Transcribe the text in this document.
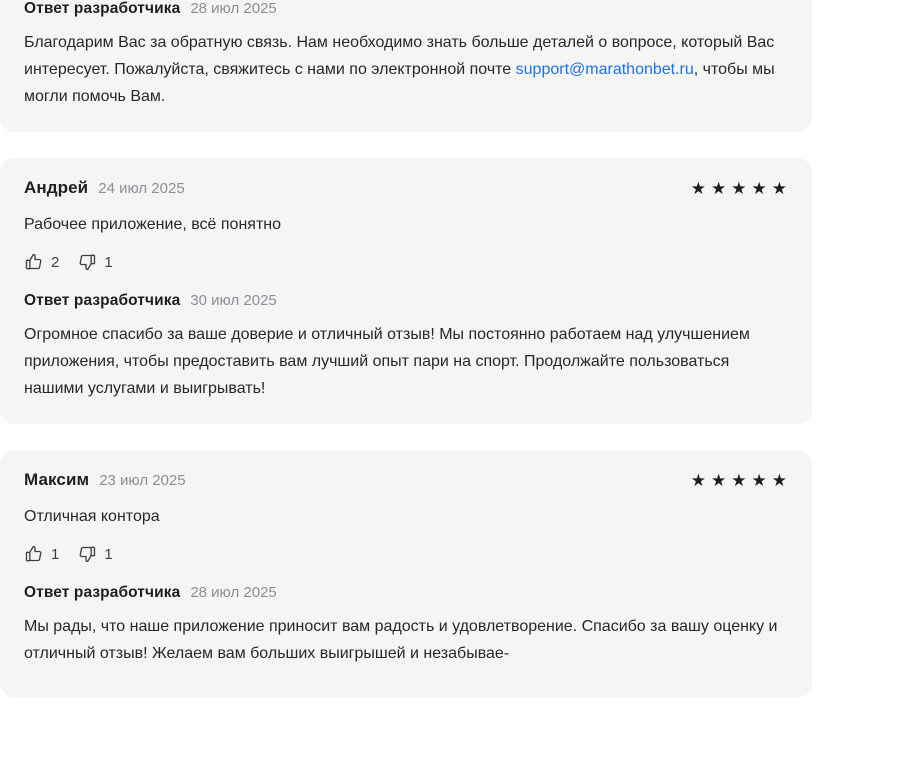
Ответ разработчика 28 июл 2025

Благодарим Вас за обратную связь. Нам необходимо знать больше деталей о вопросе, который Вас интересует. Пожалуйста, свяжитесь с нами по электронной почте support@marathonbet.ru, чтобы мы могли помочь Вам.

Андрей 24 июл 2025	★ ★ ★ ★ ★

Рабочее приложение, всё понятно

2	1
Ответ разработчика 30 июл 2025

Огромное спасибо за ваше доверие и отличный отзыв! Мы постоянно работаем над улучшением приложения, чтобы предоставить вам лучший опыт пари на спорт. Продолжайте пользоваться нашими услугами и выигрывать!

Максим 23 июл 2025	★ ★ ★ ★ ★

Отличная контора

1	1
Ответ разработчика 28 июл 2025

Мы рады, что наше приложение приносит вам радость и удовлетворение. Спасибо за вашу оценку и отличный отзыв! Желаем вам больших выигрышей и незабывае-
